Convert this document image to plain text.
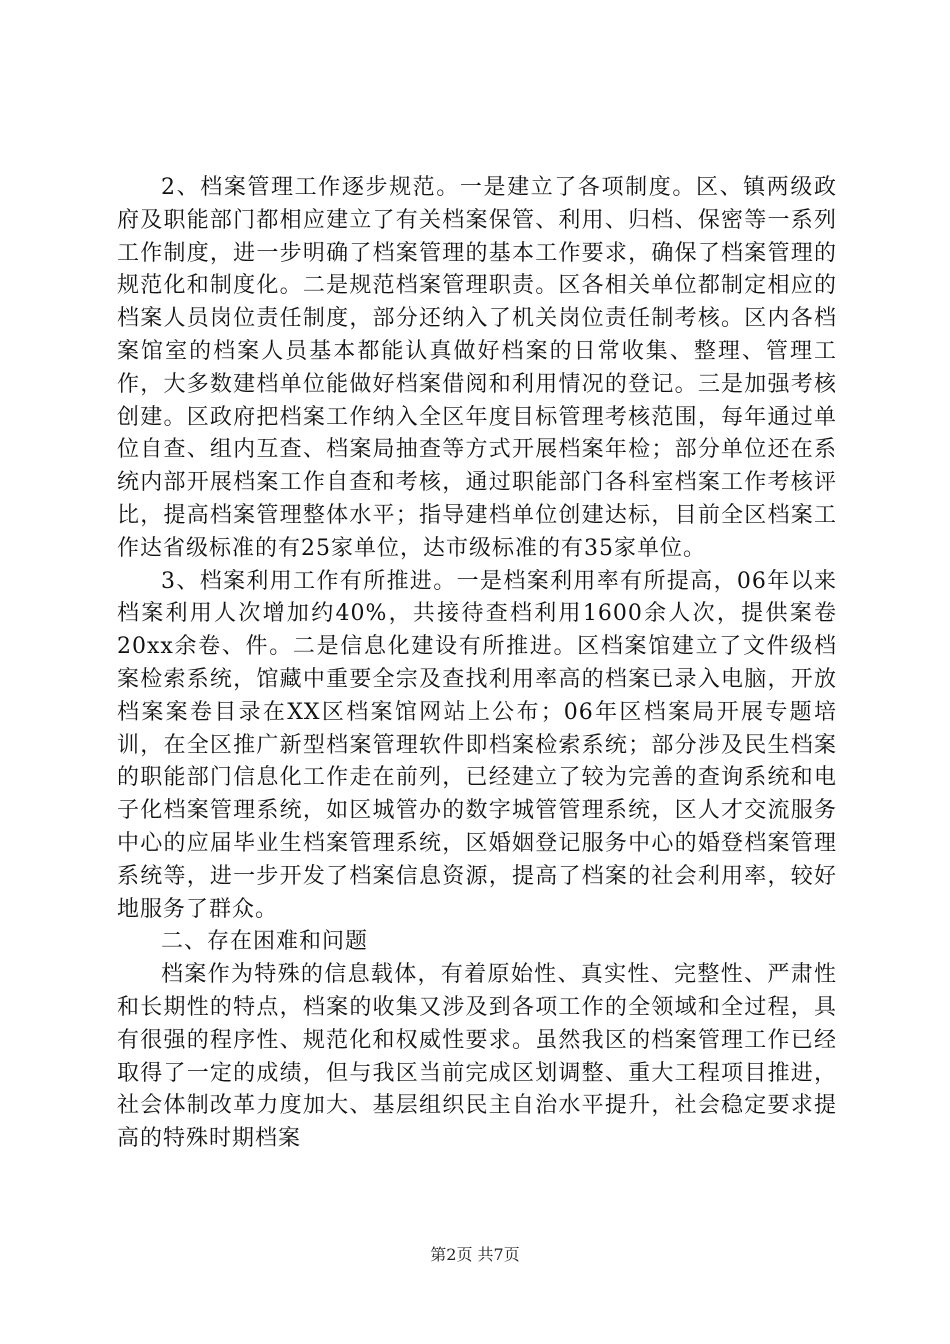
2、档案管理工作逐步规范。一是建立了各项制度。区、镇两级政府及职能部门都相应建立了有关档案保管、利用、归档、保密等一系列工作制度，进一步明确了档案管理的基本工作要求，确保了档案管理的规范化和制度化。二是规范档案管理职责。区各相关单位都制定相应的档案人员岗位责任制度，部分还纳入了机关岗位责任制考核。区内各档案馆室的档案人员基本都能认真做好档案的日常收集、整理、管理工作，大多数建档单位能做好档案借阅和利用情况的登记。三是加强考核创建。区政府把档案工作纳入全区年度目标管理考核范围，每年通过单位自查、组内互查、档案局抽查等方式开展档案年检；部分单位还在系统内部开展档案工作自查和考核，通过职能部门各科室档案工作考核评比，提高档案管理整体水平；指导建档单位创建达标，目前全区档案工作达省级标准的有25家单位，达市级标准的有35家单位。

3、档案利用工作有所推进。一是档案利用率有所提高，06年以来档案利用人次增加约40%，共接待查档利用1600余人次，提供案卷20xx余卷、件。二是信息化建设有所推进。区档案馆建立了文件级档案检索系统，馆藏中重要全宗及查找利用率高的档案已录入电脑，开放档案案卷目录在XX区档案馆网站上公布；06年区档案局开展专题培训，在全区推广新型档案管理软件即档案检索系统；部分涉及民生档案的职能部门信息化工作走在前列，已经建立了较为完善的查询系统和电子化档案管理系统，如区城管办的数字城管管理系统，区人才交流服务中心的应届毕业生档案管理系统，区婚姻登记服务中心的婚登档案管理系统等，进一步开发了档案信息资源，提高了档案的社会利用率，较好地服务了群众。

二、存在困难和问题

档案作为特殊的信息载体，有着原始性、真实性、完整性、严肃性和长期性的特点，档案的收集又涉及到各项工作的全领域和全过程，具有很强的程序性、规范化和权威性要求。虽然我区的档案管理工作已经取得了一定的成绩，但与我区当前完成区划调整、重大工程项目推进，社会体制改革力度加大、基层组织民主自治水平提升，社会稳定要求提高的特殊时期档案

第2页 共7页
